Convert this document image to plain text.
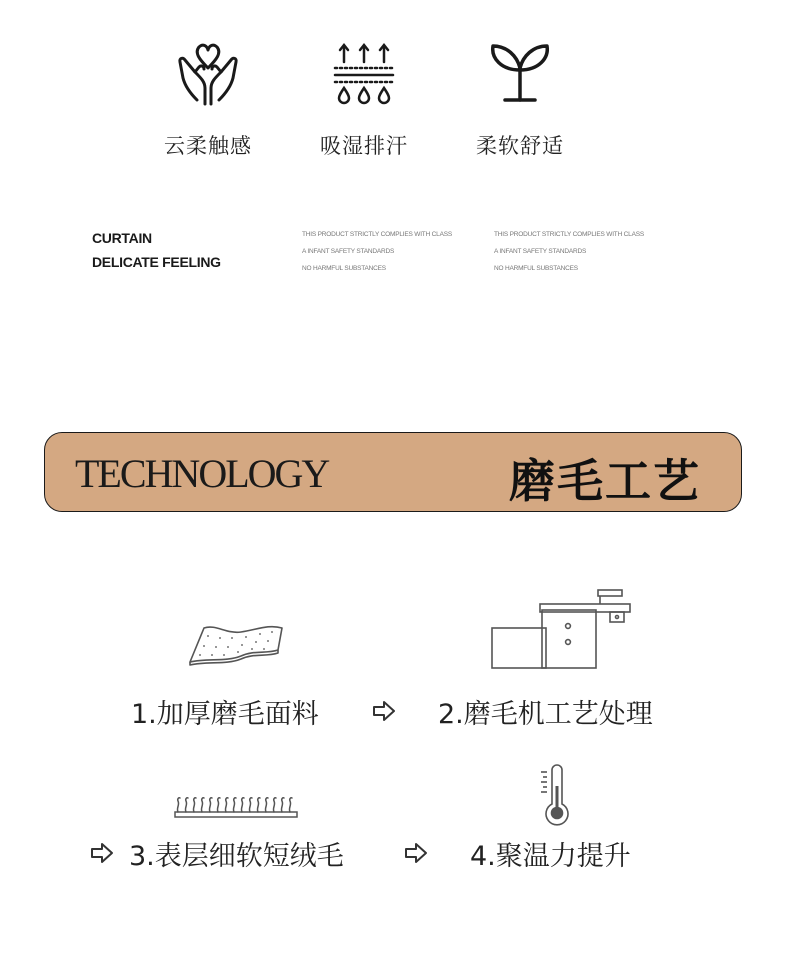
云柔触感	吸湿排汗	柔软舒适
CURTAIN
DELICATE FEELING
THIS PRODUCT STRICTLY COMPLIES WITH CLASS
A INFANT SAFETY STANDARDS
NO HARMFUL SUBSTANCES
THIS PRODUCT STRICTLY COMPLIES WITH CLASS
A INFANT SAFETY STANDARDS
NO HARMFUL SUBSTANCES
TECHNOLOGY	磨毛工艺
1.加厚磨毛面料	2.磨毛机工艺处理
3.表层细软短绒毛	4.聚温力提升
